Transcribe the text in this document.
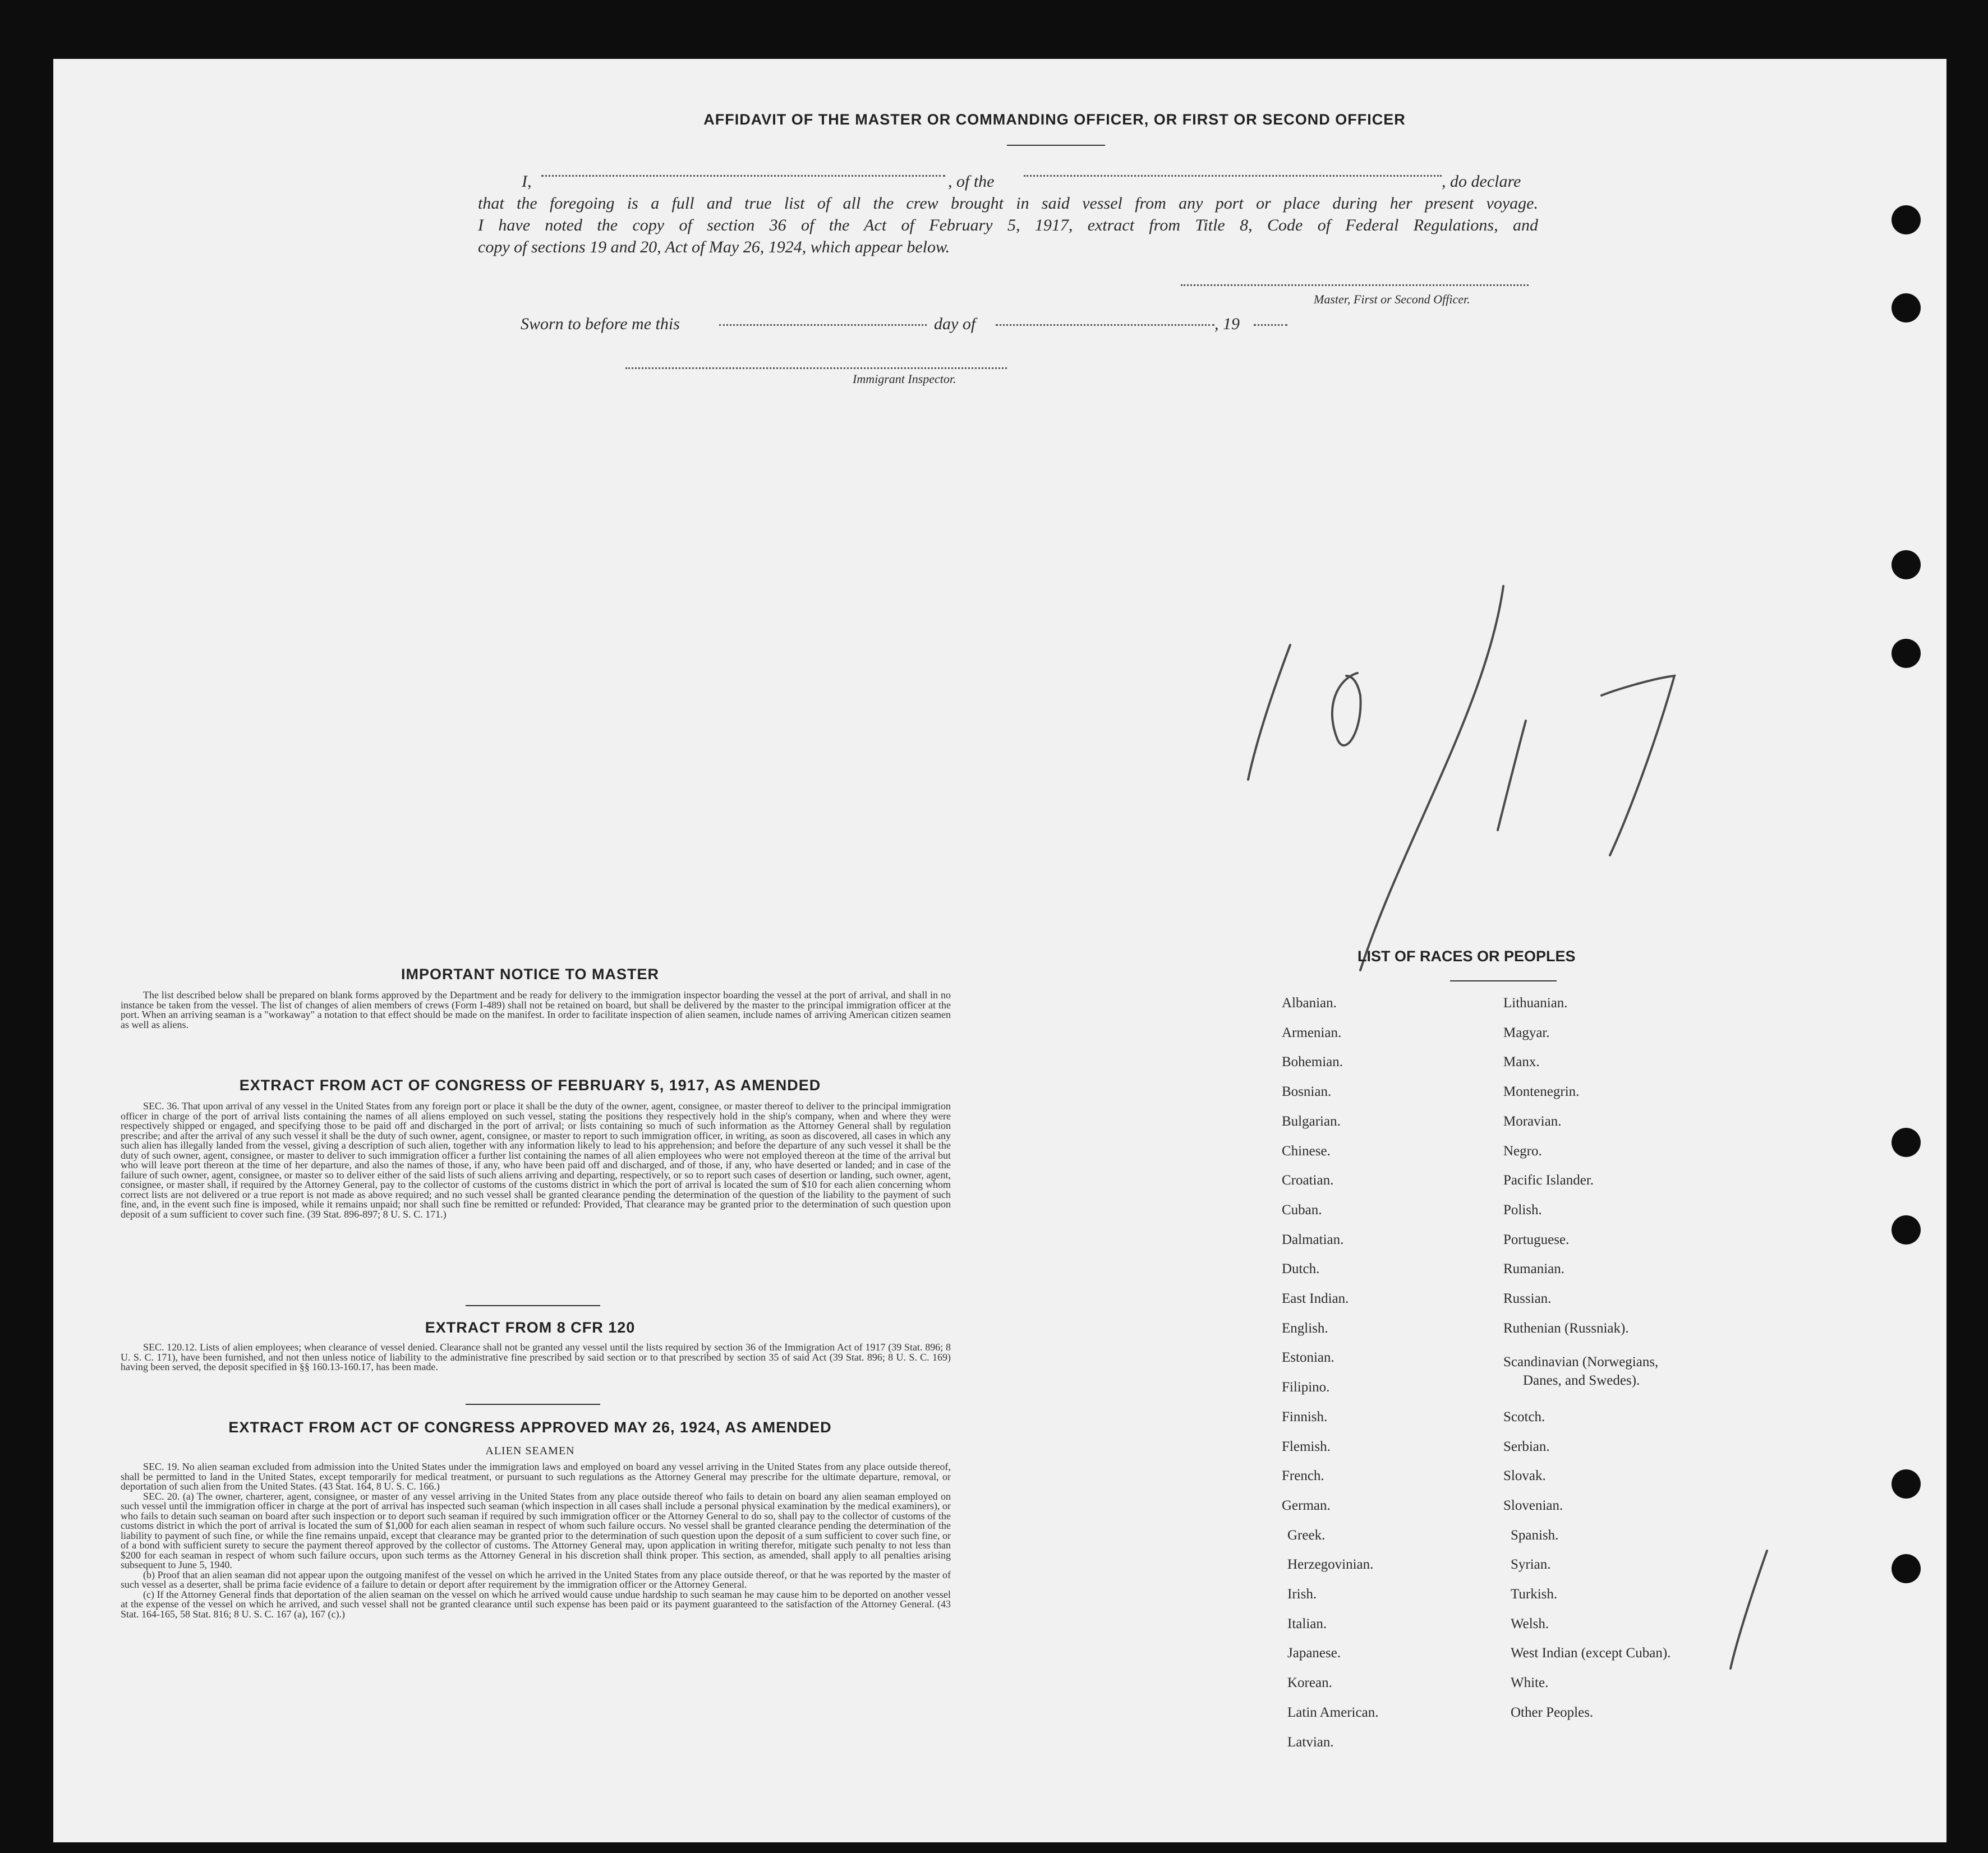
AFFIDAVIT OF THE MASTER OR COMMANDING OFFICER, OR FIRST OR SECOND OFFICER
I,	, of the	, do declare
that the foregoing is a full and true list of all the crew brought in said vessel from any port or place during her present voyage.
I have noted the copy of section 36 of the Act of February 5, 1917, extract from Title 8, Code of Federal Regulations, and
copy of sections 19 and 20, Act of May 26, 1924, which appear below.
Master, First or Second Officer.
Sworn to before me this	day of	, 19
Immigrant Inspector.
IMPORTANT NOTICE TO MASTER

The list described below shall be prepared on blank forms approved by the Department and be ready for delivery to the immigration inspector boarding the vessel at the port of arrival, and shall in no instance be taken from the vessel. The list of changes of alien members of crews (Form I-489) shall not be retained on board, but shall be delivered by the master to the principal immigration officer at the port. When an arriving seaman is a "workaway" a notation to that effect should be made on the manifest. In order to facilitate inspection of alien seamen, include names of arriving American citizen seamen as well as aliens.

EXTRACT FROM ACT OF CONGRESS OF FEBRUARY 5, 1917, AS AMENDED

SEC. 36. That upon arrival of any vessel in the United States from any foreign port or place it shall be the duty of the owner, agent, consignee, or master thereof to deliver to the principal immigration officer in charge of the port of arrival lists containing the names of all aliens employed on such vessel, stating the positions they respectively hold in the ship's company, when and where they were respectively shipped or engaged, and specifying those to be paid off and discharged in the port of arrival; or lists containing so much of such information as the Attorney General shall by regulation prescribe; and after the arrival of any such vessel it shall be the duty of such owner, agent, consignee, or master to report to such immigration officer, in writing, as soon as discovered, all cases in which any such alien has illegally landed from the vessel, giving a description of such alien, together with any information likely to lead to his apprehension; and before the departure of any such vessel it shall be the duty of such owner, agent, consignee, or master to deliver to such immigration officer a further list containing the names of all alien employees who were not employed thereon at the time of the arrival but who will leave port thereon at the time of her departure, and also the names of those, if any, who have been paid off and discharged, and of those, if any, who have deserted or landed; and in case of the failure of such owner, agent, consignee, or master so to deliver either of the said lists of such aliens arriving and departing, respectively, or so to report such cases of desertion or landing, such owner, agent, consignee, or master shall, if required by the Attorney General, pay to the collector of customs of the customs district in which the port of arrival is located the sum of $10 for each alien concerning whom correct lists are not delivered or a true report is not made as above required; and no such vessel shall be granted clearance pending the determination of the question of the liability to the payment of such fine, and, in the event such fine is imposed, while it remains unpaid; nor shall such fine be remitted or refunded: Provided, That clearance may be granted prior to the determination of such question upon deposit of a sum sufficient to cover such fine. (39 Stat. 896-897; 8 U. S. C. 171.)

EXTRACT FROM 8 CFR 120

SEC. 120.12. Lists of alien employees; when clearance of vessel denied. Clearance shall not be granted any vessel until the lists required by section 36 of the Immigration Act of 1917 (39 Stat. 896; 8 U. S. C. 171), have been furnished, and not then unless notice of liability to the administrative fine prescribed by said section or to that prescribed by section 35 of said Act (39 Stat. 896; 8 U. S. C. 169) having been served, the deposit specified in §§ 160.13-160.17, has been made.

EXTRACT FROM ACT OF CONGRESS APPROVED MAY 26, 1924, AS AMENDED
ALIEN SEAMEN

SEC. 19. No alien seaman excluded from admission into the United States under the immigration laws and employed on board any vessel arriving in the United States from any place outside thereof, shall be permitted to land in the United States, except temporarily for medical treatment, or pursuant to such regulations as the Attorney General may prescribe for the ultimate departure, removal, or deportation of such alien from the United States. (43 Stat. 164, 8 U. S. C. 166.)

SEC. 20. (a) The owner, charterer, agent, consignee, or master of any vessel arriving in the United States from any place outside thereof who fails to detain on board any alien seaman employed on such vessel until the immigration officer in charge at the port of arrival has inspected such seaman (which inspection in all cases shall include a personal physical examination by the medical examiners), or who fails to detain such seaman on board after such inspection or to deport such seaman if required by such immigration officer or the Attorney General to do so, shall pay to the collector of customs of the customs district in which the port of arrival is located the sum of $1,000 for each alien seaman in respect of whom such failure occurs. No vessel shall be granted clearance pending the determination of the liability to payment of such fine, or while the fine remains unpaid, except that clearance may be granted prior to the determination of such question upon the deposit of a sum sufficient to cover such fine, or of a bond with sufficient surety to secure the payment thereof approved by the collector of customs. The Attorney General may, upon application in writing therefor, mitigate such penalty to not less than $200 for each seaman in respect of whom such failure occurs, upon such terms as the Attorney General in his discretion shall think proper. This section, as amended, shall apply to all penalties arising subsequent to June 5, 1940.

(b) Proof that an alien seaman did not appear upon the outgoing manifest of the vessel on which he arrived in the United States from any place outside thereof, or that he was reported by the master of such vessel as a deserter, shall be prima facie evidence of a failure to detain or deport after requirement by the immigration officer or the Attorney General.

(c) If the Attorney General finds that deportation of the alien seaman on the vessel on which he arrived would cause undue hardship to such seaman he may cause him to be deported on another vessel at the expense of the vessel on which he arrived, and such vessel shall not be granted clearance until such expense has been paid or its payment guaranteed to the satisfaction of the Attorney General. (43 Stat. 164-165, 58 Stat. 816; 8 U. S. C. 167 (a), 167 (c).)

LIST OF RACES OR PEOPLES
Albanian.
Armenian.
Bohemian.
Bosnian.
Bulgarian.
Chinese.
Croatian.
Cuban.
Dalmatian.
Dutch.
East Indian.
English.
Estonian.
Filipino.
Finnish.
Flemish.
French.
German.
Greek.
Herzegovinian.
Irish.
Italian.
Japanese.
Korean.
Latin American.
Latvian.
Lithuanian.
Magyar.
Manx.
Montenegrin.
Moravian.
Negro.
Pacific Islander.
Polish.
Portuguese.
Rumanian.
Russian.
Ruthenian (Russniak).
Scandinavian (Norwegians,
Danes, and Swedes).
Scotch.
Serbian.
Slovak.
Slovenian.
Spanish.
Syrian.
Turkish.
Welsh.
West Indian (except Cuban).
White.
Other Peoples.
